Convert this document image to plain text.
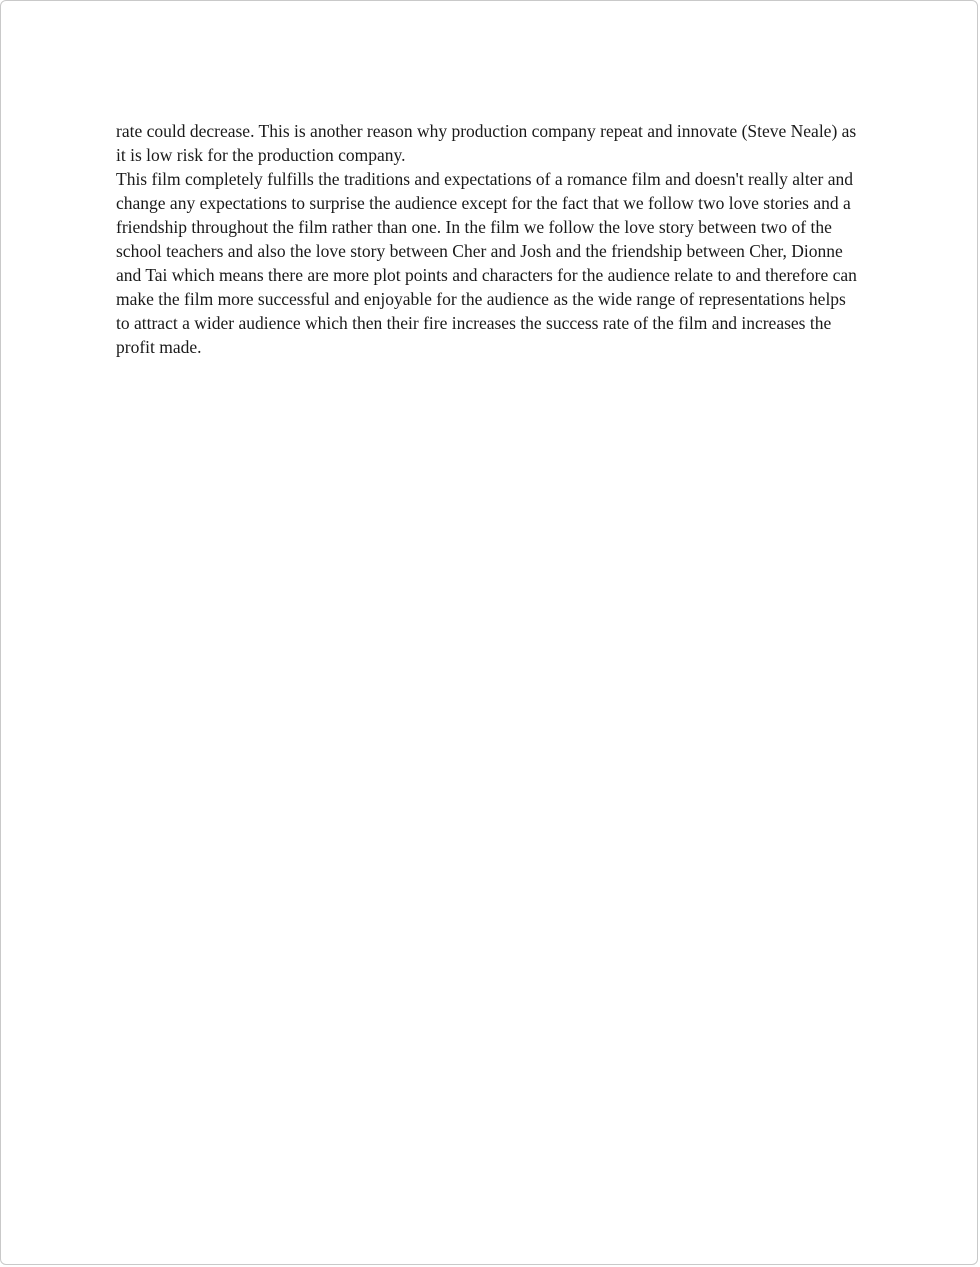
rate could decrease. This is another reason why production company repeat and innovate (Steve Neale) as it is low risk for the production company.

This film completely fulfills the traditions and expectations of a romance film and doesn't really alter and change any expectations to surprise the audience except for the fact that we follow two love stories and a friendship throughout the film rather than one. In the film we follow the love story between two of the school teachers and also the love story between Cher and Josh and the friendship between Cher, Dionne and Tai which means there are more plot points and characters for the audience relate to and therefore can make the film more successful and enjoyable for the audience as the wide range of representations helps to attract a wider audience which then their fire increases the success rate of the film and increases the profit made.
